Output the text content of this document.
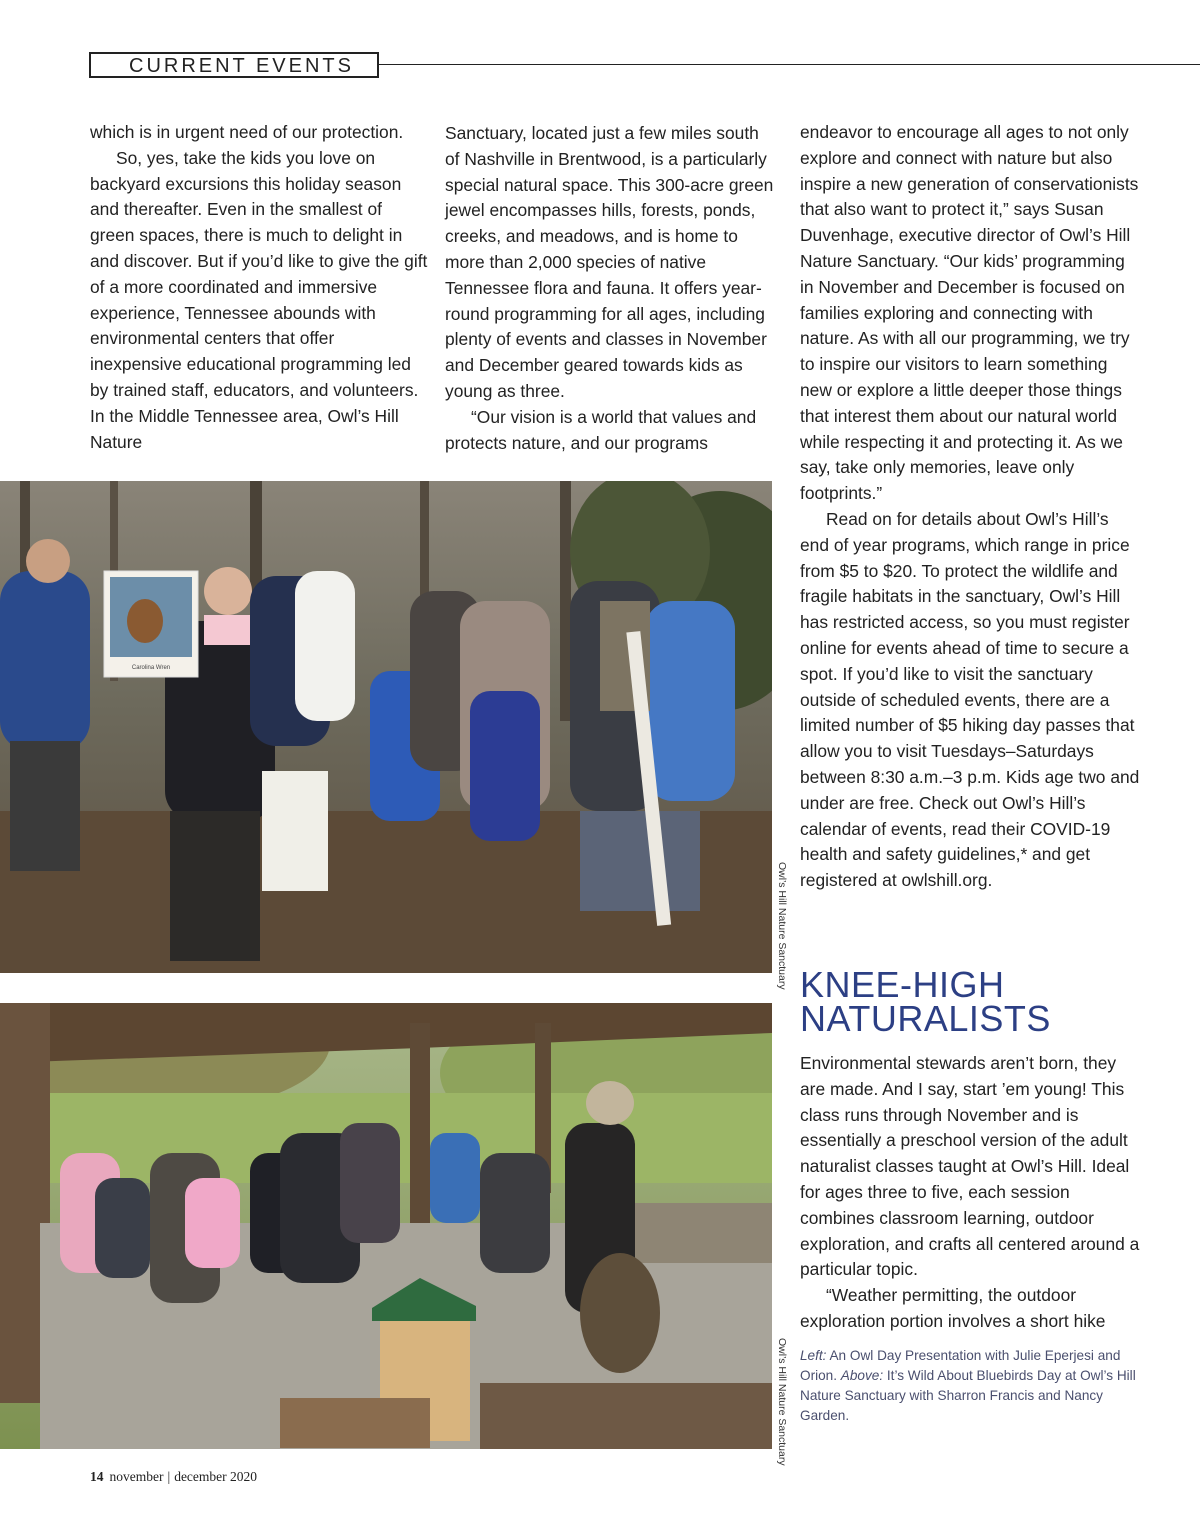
CURRENT EVENTS

which is in urgent need of our protection.

So, yes, take the kids you love on backyard excursions this holiday season and thereafter. Even in the smallest of green spaces, there is much to delight in and discover. But if you’d like to give the gift of a more coordinated and immersive experience, Tennessee abounds with environmental centers that offer inexpensive educational programming led by trained staff, educators, and volunteers. In the Middle Tennessee area, Owl’s Hill Nature

Sanctuary, located just a few miles south of Nashville in Brentwood, is a particularly special natural space. This 300-acre green jewel encompasses hills, forests, ponds, creeks, and meadows, and is home to more than 2,000 species of native Tennessee flora and fauna. It offers year-round programming for all ages, including plenty of events and classes in November and December geared towards kids as young as three.

“Our vision is a world that values and protects nature, and our programs

endeavor to encourage all ages to not only explore and connect with nature but also inspire a new generation of conservationists that also want to protect it,” says Susan Duvenhage, executive director of Owl’s Hill Nature Sanctuary. “Our kids’ programming in November and December is focused on families exploring and connecting with nature. As with all our programming, we try to inspire our visitors to learn something new or explore a little deeper those things that interest them about our natural world while respecting it and protecting it. As we say, take only memories, leave only footprints.”

Read on for details about Owl’s Hill’s end of year programs, which range in price from $5 to $20. To protect the wildlife and fragile habitats in the sanctuary, Owl’s Hill has restricted access, so you must register online for events ahead of time to secure a spot. If you’d like to visit the sanctuary outside of scheduled events, there are a limited number of $5 hiking day passes that allow you to visit Tuesdays–Saturdays between 8:30 a.m.–3 p.m. Kids age two and under are free. Check out Owl’s Hill’s calendar of events, read their COVID-19 health and safety guidelines,* and get registered at owlshill.org.

KNEE-HIGH
NATURALISTS

Environmental stewards aren’t born, they are made. And I say, start ’em young! This class runs through November and is essentially a preschool version of the adult naturalist classes taught at Owl’s Hill. Ideal for ages three to five, each session combines classroom learning, outdoor exploration, and crafts all centered around a particular topic.

“Weather permitting, the outdoor exploration portion involves a short hike

Carolina Wren
Owl’s Hill Nature Sanctuary
Owl’s Hill Nature Sanctuary Left: An Owl Day Presentation with Julie Eperjesi and Orion. Above: It’s Wild About Bluebirds Day at Owl’s Hill Nature Sanctuary with Sharron Francis and Nancy Garden.

14 november | december 2020
